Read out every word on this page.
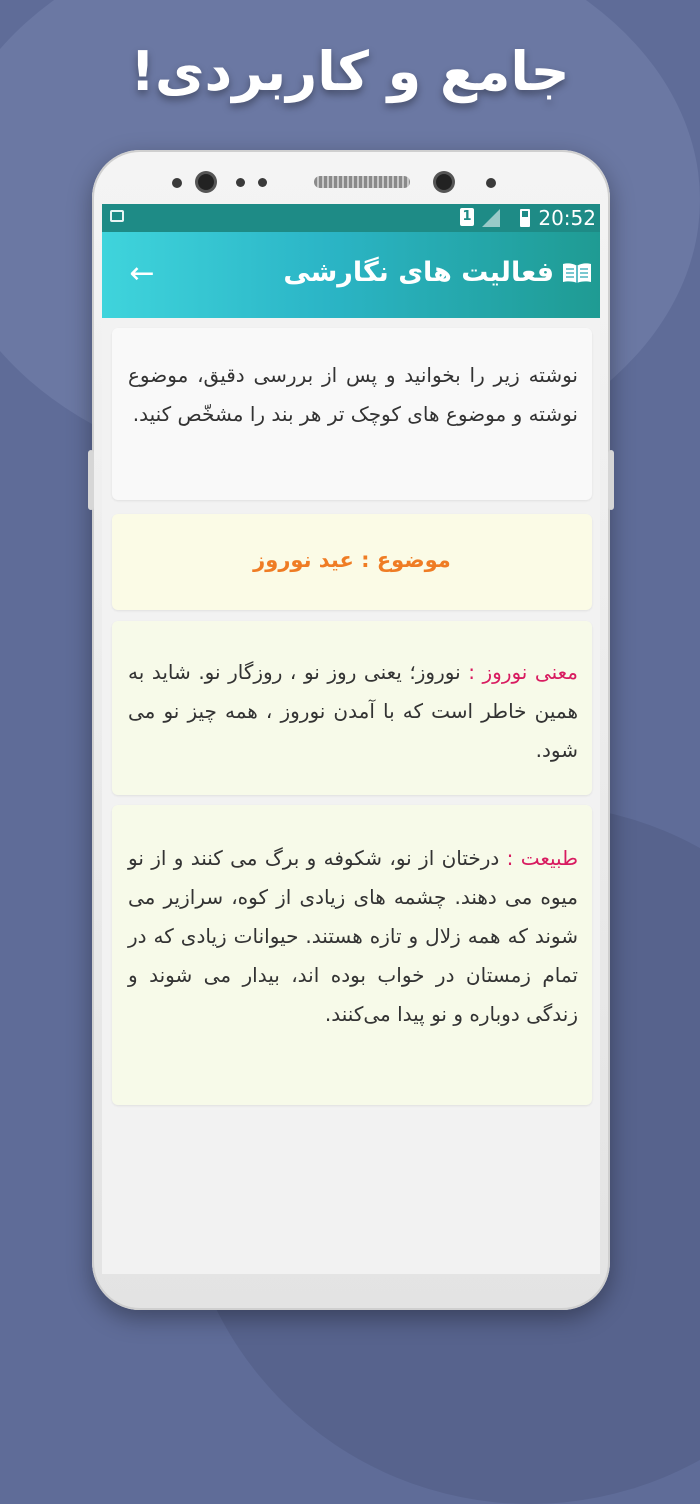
جامع و کاربردی!
1	20:52
←	فعالیت های نگارشی

نوشته زیر را بخوانید و پس از بررسی دقیق، موضوع نوشته و موضوع های کوچک تر هر بند را مشخّص کنید.

موضوع : عید نوروز

معنی نوروز : نوروز؛ یعنی روز نو ، روزگار نو. شاید به همین خاطر است که با آمدن نوروز ، همه چیز نو می شود.

طبیعت : درختان از نو، شکوفه و برگ می کنند و از نو میوه می دهند. چشمه های زیادی از کوه، سرازیر می شوند که همه زلال و تازه هستند. حیوانات زیادی که در تمام زمستان در خواب بوده اند، بیدار می شوند و زندگی دوباره و نو پیدا می‌کنند.
